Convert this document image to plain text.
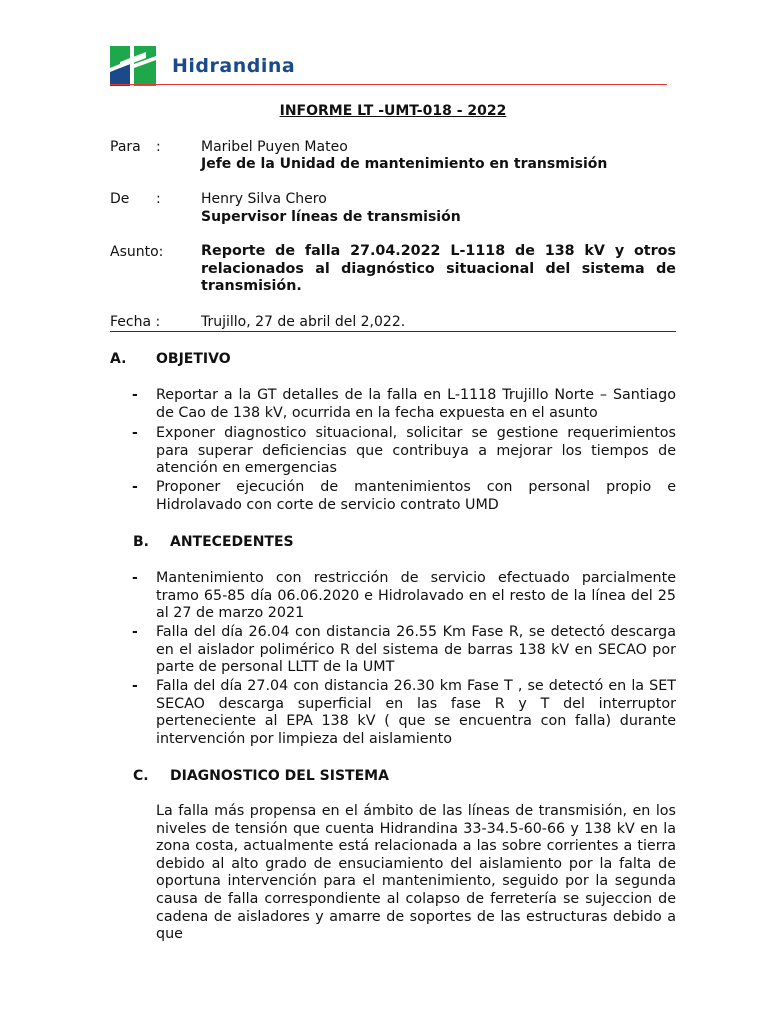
Hidrandina
INFORME LT -UMT-018 - 2022
Para :	Maribel Puyen Mateo
Jefe de la Unidad de mantenimiento en transmisión
De :	Henry Silva Chero
Supervisor líneas de transmisión
Asunto:	Reporte de falla 27.04.2022 L-1118 de 138 kV y otros relacionados al diagnóstico situacional del sistema de transmisión.
Fecha :	Trujillo, 27 de abril del 2,022.
A. OBJETIVO
- Reportar a la GT detalles de la falla en L-1118 Trujillo Norte – Santiago de Cao de 138 kV, ocurrida en la fecha expuesta en el asunto
- Exponer diagnostico situacional, solicitar se gestione requerimientos para superar deficiencias que contribuya a mejorar los tiempos de atención en emergencias
- Proponer ejecución de mantenimientos con personal propio e Hidrolavado con corte de servicio contrato UMD
B. ANTECEDENTES
- Mantenimiento con restricción de servicio efectuado parcialmente tramo 65-85 día 06.06.2020 e Hidrolavado en el resto de la línea del 25 al 27 de marzo 2021
- Falla del día 26.04 con distancia 26.55 Km Fase R, se detectó descarga en el aislador polimérico R del sistema de barras 138 kV en SECAO por parte de personal LLTT de la UMT
- Falla del día 27.04 con distancia 26.30 km Fase T , se detectó en la SET SECAO descarga superficial en las fase R y T del interruptor perteneciente al EPA 138 kV ( que se encuentra con falla) durante intervención por limpieza del aislamiento
C. DIAGNOSTICO DEL SISTEMA
La falla más propensa en el ámbito de las líneas de transmisión, en los niveles de tensión que cuenta Hidrandina 33-34.5-60-66 y 138 kV en la zona costa, actualmente está relacionada a las sobre corrientes a tierra debido al alto grado de ensuciamiento del aislamiento por la falta de oportuna intervención para el mantenimiento, seguido por la segunda causa de falla correspondiente al colapso de ferretería se sujeccion de cadena de aisladores y amarre de soportes de las estructuras debido a que
